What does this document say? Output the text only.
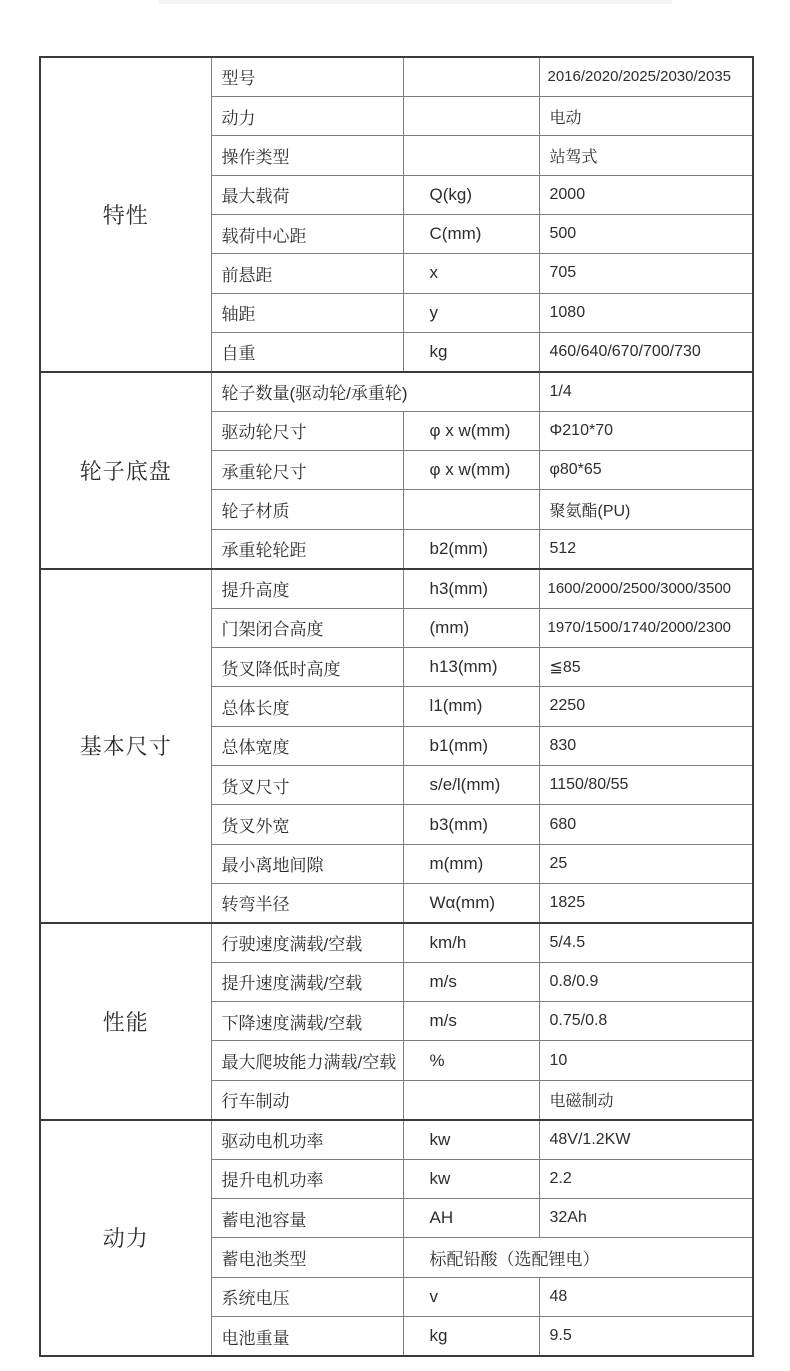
特性	型号		2016/2020/2025/2030/2035
	动力		电动
	操作类型		站驾式
	最大载荷	Q(kg)	2000
	载荷中心距	C(mm)	500
	前悬距	x	705
	轴距	y	1080
	自重	kg	460/640/670/700/730
轮子底盘	轮子数量(驱动轮/承重轮)		1/4
	驱动轮尺寸	φ x w(mm)	Φ210*70
	承重轮尺寸	φ x w(mm)	φ80*65
	轮子材质		聚氨酯(PU)
	承重轮轮距	b2(mm)	512
基本尺寸	提升高度	h3(mm)	1600/2000/2500/3000/3500
	门架闭合高度	(mm)	1970/1500/1740/2000/2300
	货叉降低时高度	h13(mm)	≦85
	总体长度	l1(mm)	2250
	总体宽度	b1(mm)	830
	货叉尺寸	s/e/l(mm)	1150/80/55
	货叉外宽	b3(mm)	680
	最小离地间隙	m(mm)	25
	转弯半径	Wα(mm)	1825
性能	行驶速度满载/空载	km/h	5/4.5
	提升速度满载/空载	m/s	0.8/0.9
	下降速度满载/空载	m/s	0.75/0.8
	最大爬坡能力满载/空载	%	10
	行车制动		电磁制动
动力	驱动电机功率	kw	48V/1.2KW
	提升电机功率	kw	2.2
	蓄电池容量	AH	32Ah
	蓄电池类型	标配铅酸（选配锂电）	
	系统电压	v	48
	电池重量	kg	9.5
